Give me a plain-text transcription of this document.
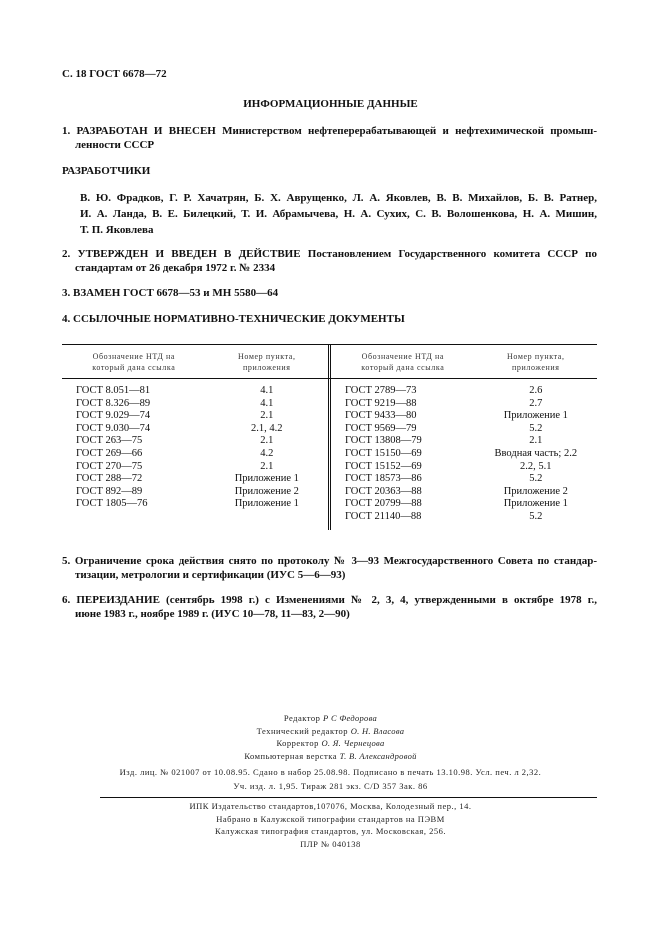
С. 18 ГОСТ 6678—72
ИНФОРМАЦИОННЫЕ ДАННЫЕ
1. РАЗРАБОТАН И ВНЕСЕН Министерством нефтеперерабатывающей и нефтехимической промыш-
ленности СССР
РАЗРАБОТЧИКИ
В. Ю. Фрадков, Г. Р. Хачатрян, Б. Х. Аврущенко, Л. А. Яковлев, В. В. Михайлов, Б. В. Ратнер,
И. А. Ланда, В. Е. Билецкий, Т. И. Абрамычева, Н. А. Сухих, С. В. Волошенкова, Н. А. Мишин,
Т. П. Яковлева
2. УТВЕРЖДЕН И ВВЕДЕН В ДЕЙСТВИЕ Постановлением Государственного комитета СССР по
стандартам от 26 декабря 1972 г. № 2334
3. ВЗАМЕН ГОСТ 6678—53 и МН 5580—64
4. ССЫЛОЧНЫЕ НОРМАТИВНО-ТЕХНИЧЕСКИЕ ДОКУМЕНТЫ
Обозначение НТД на
который дана ссылка
Номер пункта,
приложения
Обозначение НТД на
который дана ссылка
Номер пункта,
приложения
ГОСТ 8.051—81	4.1
ГОСТ 8.326—89	4.1
ГОСТ 9.029—74	2.1
ГОСТ 9.030—74	2.1, 4.2
ГОСТ 263—75	2.1
ГОСТ 269—66	4.2
ГОСТ 270—75	2.1
ГОСТ 288—72	Приложение 1
ГОСТ 892—89	Приложение 2
ГОСТ 1805—76	Приложение 1
ГОСТ 2789—73	2.6
ГОСТ 9219—88	2.7
ГОСТ 9433—80	Приложение 1
ГОСТ 9569—79	5.2
ГОСТ 13808—79	2.1
ГОСТ 15150—69	Вводная часть; 2.2
ГОСТ 15152—69	2.2, 5.1
ГОСТ 18573—86	5.2
ГОСТ 20363—88	Приложение 2
ГОСТ 20799—88	Приложение 1
ГОСТ 21140—88	5.2
5. Ограничение срока действия снято по протоколу № 3—93 Межгосударственного Совета по стандар-
тизации, метрологии и сертификации (ИУС 5—6—93)
6. ПЕРЕИЗДАНИЕ (сентябрь 1998 г.) с Изменениями № 2, 3, 4, утвержденными в октябре 1978 г.,
июне 1983 г., ноябре 1989 г. (ИУС 10—78, 11—83, 2—90)
Редактор Р С Федорова
Технический редактор О. Н. Власова
Корректор О. Я. Чернецова
Компьютерная верстка Т. В. Александровой
Изд. лиц. № 021007 от 10.08.95. Сдано в набор 25.08.98. Подписано в печать 13.10.98. Усл. печ. л 2,32.
Уч. изд. л. 1,95. Тираж 281 экз. С/D 357 Зак. 86
ИПК Издательство стандартов,107076, Москва, Колодезный пер., 14.
Набрано в Калужской типографии стандартов на ПЭВМ
Калужская типография стандартов, ул. Московская, 256.
ПЛР № 040138
